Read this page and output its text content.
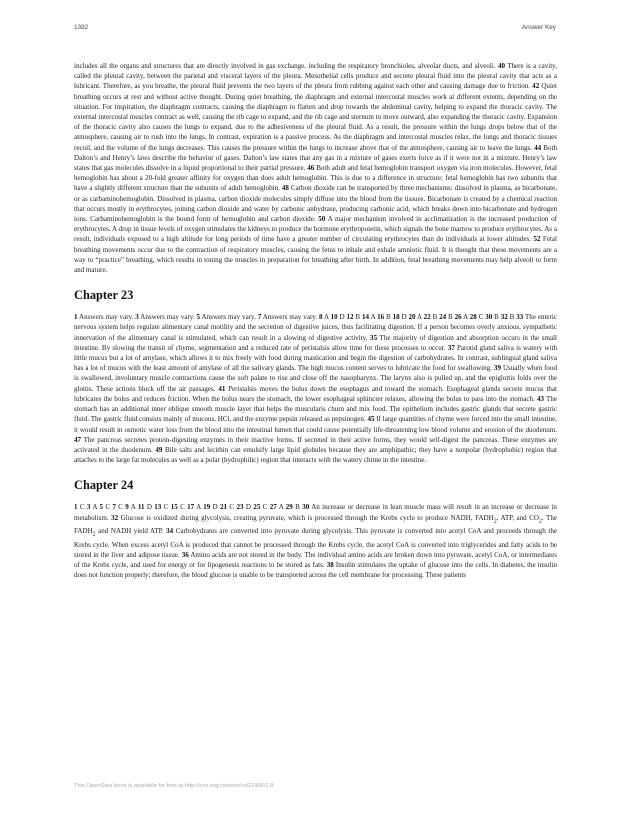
1382	Answer Key

includes all the organs and structures that are directly involved in gas exchange, including the respiratory bronchioles, alveolar ducts, and alveoli. 40 There is a cavity, called the pleural cavity, between the parietal and visceral layers of the pleura. Mesothelial cells produce and secrete pleural fluid into the pleural cavity that acts as a lubricant. Therefore, as you breathe, the pleural fluid prevents the two layers of the pleura from rubbing against each other and causing damage due to friction. 42 Quiet breathing occurs at rest and without active thought. During quiet breathing, the diaphragm and external intercostal muscles work at different extents, depending on the situation. For inspiration, the diaphragm contracts, causing the diaphragm to flatten and drop towards the abdominal cavity, helping to expand the thoracic cavity. The external intercostal muscles contract as well, causing the rib cage to expand, and the rib cage and sternum to move outward, also expanding the thoracic cavity. Expansion of the thoracic cavity also causes the lungs to expand, due to the adhesiveness of the pleural fluid. As a result, the pressure within the lungs drops below that of the atmosphere, causing air to rush into the lungs. In contrast, expiration is a passive process. As the diaphragm and intercostal muscles relax, the lungs and thoracic tissues recoil, and the volume of the lungs decreases. This causes the pressure within the lungs to increase above that of the atmosphere, causing air to leave the lungs. 44 Both Dalton’s and Henry’s laws describe the behavior of gases. Dalton’s law states that any gas in a mixture of gases exerts force as if it were not in a mixture. Henry’s law states that gas molecules dissolve in a liquid proportional to their partial pressure. 46 Both adult and fetal hemoglobin transport oxygen via iron molecules. However, fetal hemoglobin has about a 20-fold greater affinity for oxygen than does adult hemoglobin. This is due to a difference in structure; fetal hemoglobin has two subunits that have a slightly different structure than the subunits of adult hemoglobin. 48 Carbon dioxide can be transported by three mechanisms: dissolved in plasma, as bicarbonate, or as carbaminohemoglobin. Dissolved in plasma, carbon dioxide molecules simply diffuse into the blood from the tissues. Bicarbonate is created by a chemical reaction that occurs mostly in erythrocytes, joining carbon dioxide and water by carbonic anhydrase, producing carbonic acid, which breaks down into bicarbonate and hydrogen ions. Carbaminohemoglobin is the bound form of hemoglobin and carbon dioxide. 50 A major mechanism involved in acclimatization is the increased production of erythrocytes. A drop in tissue levels of oxygen stimulates the kidneys to produce the hormone erythropoietin, which signals the bone marrow to produce erythrocytes. As a result, individuals exposed to a high altitude for long periods of time have a greater number of circulating erythrocytes than do individuals at lower altitudes. 52 Fetal breathing movements occur due to the contraction of respiratory muscles, causing the fetus to inhale and exhale amniotic fluid. It is thought that these movements are a way to “practice” breathing, which results in toning the muscles in preparation for breathing after birth. In addition, fetal breathing movements may help alveoli to form and mature.

Chapter 23

1 Answers may vary. 3 Answers may vary. 5 Answers may vary. 7 Answers may vary. 8 A 10 D 12 B 14 A 16 B 18 D 20 A 22 B 24 B 26 A 28 C 30 B 32 B 33 The enteric nervous system helps regulate alimentary canal motility and the secretion of digestive juices, thus facilitating digestion. If a person becomes overly anxious, sympathetic innervation of the alimentary canal is stimulated, which can result in a slowing of digestive activity. 35 The majority of digestion and absorption occurs in the small intestine. By slowing the transit of chyme, segmentation and a reduced rate of peristalsis allow time for these processes to occur. 37 Parotid gland saliva is watery with little mucus but a lot of amylase, which allows it to mix freely with food during mastication and begin the digestion of carbohydrates. In contrast, sublingual gland saliva has a lot of mucus with the least amount of amylase of all the salivary glands. The high mucus content serves to lubricate the food for swallowing. 39 Usually when food is swallowed, involuntary muscle contractions cause the soft palate to rise and close off the nasopharynx. The larynx also is pulled up, and the epiglottis folds over the glottis. These actions block off the air passages. 41 Peristalsis moves the bolus down the esophagus and toward the stomach. Esophageal glands secrete mucus that lubricates the bolus and reduces friction. When the bolus nears the stomach, the lower esophageal sphincter relaxes, allowing the bolus to pass into the stomach. 43 The stomach has an additional inner oblique smooth muscle layer that helps the muscularis churn and mix food. The epithelium includes gastric glands that secrete gastric fluid. The gastric fluid consists mainly of mucous, HCl, and the enzyme pepsin released as pepsinogen. 45 If large quantities of chyme were forced into the small intestine, it would result in osmotic water loss from the blood into the intestinal lumen that could cause potentially life-threatening low blood volume and erosion of the duodenum. 47 The pancreas secretes protein-digesting enzymes in their inactive forms. If secreted in their active forms, they would self-digest the pancreas. These enzymes are activated in the duodenum. 49 Bile salts and lecithin can emulsify large lipid globules because they are amphipathic; they have a nonpolar (hydrophobic) region that attaches to the large fat molecules as well as a polar (hydrophilic) region that interacts with the watery chime in the intestine.

Chapter 24

1 C 3 A 5 C 7 C 9 A 11 D 13 C 15 C 17 A 19 D 21 C 23 D 25 C 27 A 29 B 30 An increase or decrease in lean muscle mass will result in an increase or decrease in metabolism. 32 Glucose is oxidized during glycolysis, creating pyruvate, which is processed through the Krebs cycle to produce NADH, $FADH_2$, ATP, and $CO_2$. The $FADH_2$ and NADH yield ATP. 34 Carbohydrates are converted into pyruvate during glycolysis. This pyruvate is converted into acetyl CoA and proceeds through the Krebs cycle. When excess acetyl CoA is produced that cannot be processed through the Krebs cycle, the acetyl CoA is converted into triglycerides and fatty acids to be stored in the liver and adipose tissue. 36 Amino acids are not stored in the body. The individual amino acids are broken down into pyruvate, acetyl CoA, or intermediates of the Krebs cycle, and used for energy or for lipogenesis reactions to be stored as fats. 38 Insulin stimulates the uptake of glucose into the cells. In diabetes, the insulin does not function properly; therefore, the blood glucose is unable to be transported across the cell membrane for processing. These patients

This OpenStax book is available for free at http://cnx.org/content/col11496/1.8
